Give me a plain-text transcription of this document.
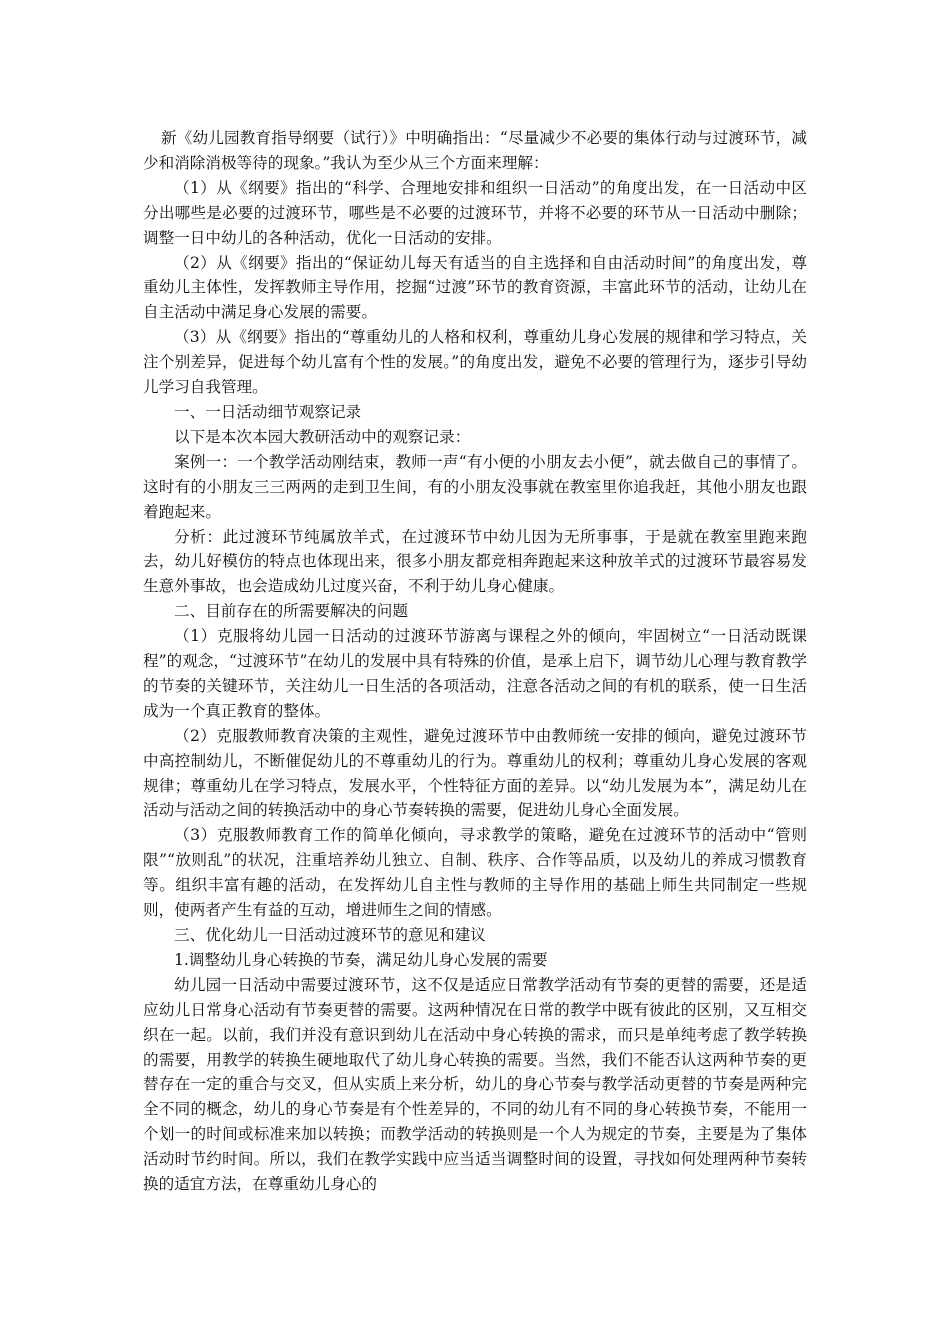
新《幼儿园教育指导纲要（试行）》中明确指出：“尽量减少不必要的集体行动与过渡环节，减少和消除消极等待的现象。”我认为至少从三个方面来理解：

（1）从《纲要》指出的“科学、合理地安排和组织一日活动”的角度出发，在一日活动中区分出哪些是必要的过渡环节，哪些是不必要的过渡环节，并将不必要的环节从一日活动中删除；调整一日中幼儿的各种活动，优化一日活动的安排。

（2）从《纲要》指出的“保证幼儿每天有适当的自主选择和自由活动时间”的角度出发，尊重幼儿主体性，发挥教师主导作用，挖掘“过渡”环节的教育资源，丰富此环节的活动，让幼儿在自主活动中满足身心发展的需要。

（3）从《纲要》指出的“尊重幼儿的人格和权利，尊重幼儿身心发展的规律和学习特点，关注个别差异，促进每个幼儿富有个性的发展。”的角度出发，避免不必要的管理行为，逐步引导幼儿学习自我管理。

一、一日活动细节观察记录

以下是本次本园大教研活动中的观察记录：

案例一：一个教学活动刚结束，教师一声“有小便的小朋友去小便”，就去做自己的事情了。这时有的小朋友三三两两的走到卫生间，有的小朋友没事就在教室里你追我赶，其他小朋友也跟着跑起来。

分析：此过渡环节纯属放羊式，在过渡环节中幼儿因为无所事事，于是就在教室里跑来跑去，幼儿好模仿的特点也体现出来，很多小朋友都竞相奔跑起来这种放羊式的过渡环节最容易发生意外事故，也会造成幼儿过度兴奋，不利于幼儿身心健康。

二、目前存在的所需要解决的问题

（1）克服将幼儿园一日活动的过渡环节游离与课程之外的倾向，牢固树立“一日活动既课程”的观念，“过渡环节”在幼儿的发展中具有特殊的价值，是承上启下，调节幼儿心理与教育教学的节奏的关键环节，关注幼儿一日生活的各项活动，注意各活动之间的有机的联系，使一日生活成为一个真正教育的整体。

（2）克服教师教育决策的主观性，避免过渡环节中由教师统一安排的倾向，避免过渡环节中高控制幼儿，不断催促幼儿的不尊重幼儿的行为。尊重幼儿的权利；尊重幼儿身心发展的客观规律；尊重幼儿在学习特点，发展水平，个性特征方面的差异。以“幼儿发展为本”，满足幼儿在活动与活动之间的转换活动中的身心节奏转换的需要，促进幼儿身心全面发展。

（3）克服教师教育工作的简单化倾向，寻求教学的策略，避免在过渡环节的活动中“管则限”“放则乱”的状况，注重培养幼儿独立、自制、秩序、合作等品质，以及幼儿的养成习惯教育等。组织丰富有趣的活动，在发挥幼儿自主性与教师的主导作用的基础上师生共同制定一些规则，使两者产生有益的互动，增进师生之间的情感。

三、优化幼儿一日活动过渡环节的意见和建议

1.调整幼儿身心转换的节奏，满足幼儿身心发展的需要

幼儿园一日活动中需要过渡环节，这不仅是适应日常教学活动有节奏的更替的需要，还是适应幼儿日常身心活动有节奏更替的需要。这两种情况在日常的教学中既有彼此的区别，又互相交织在一起。以前，我们并没有意识到幼儿在活动中身心转换的需求，而只是单纯考虑了教学转换的需要，用教学的转换生硬地取代了幼儿身心转换的需要。当然，我们不能否认这两种节奏的更替存在一定的重合与交叉，但从实质上来分析，幼儿的身心节奏与教学活动更替的节奏是两种完全不同的概念，幼儿的身心节奏是有个性差异的，不同的幼儿有不同的身心转换节奏，不能用一个划一的时间或标准来加以转换；而教学活动的转换则是一个人为规定的节奏，主要是为了集体活动时节约时间。所以，我们在教学实践中应当适当调整时间的设置，寻找如何处理两种节奏转换的适宜方法，在尊重幼儿身心的
